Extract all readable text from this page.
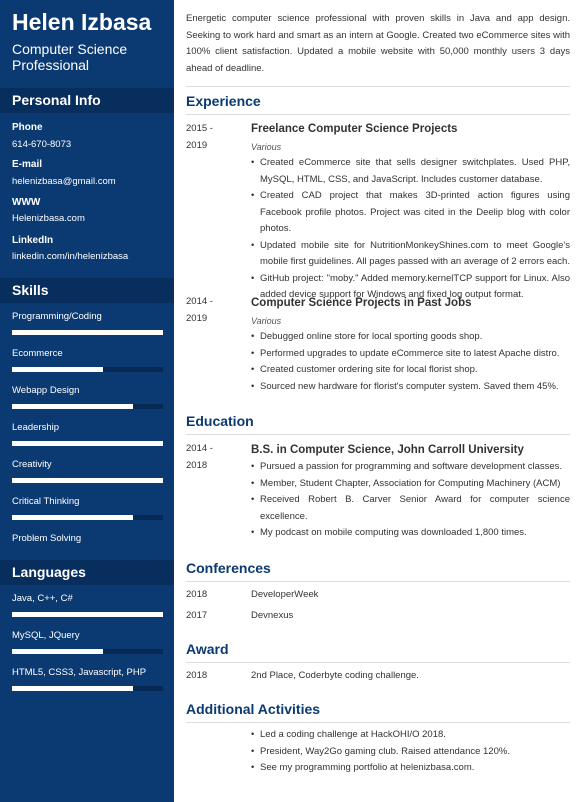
Helen Izbasa
Computer Science Professional
Personal Info
Phone
614-670-8073
E-mail
helenizbasa@gmail.com
WWW
Helenizbasa.com
LinkedIn
linkedin.com/in/helenizbasa
Skills
Programming/Coding
Ecommerce
Webapp Design
Leadership
Creativity
Critical Thinking
Problem Solving
Languages
Java, C++, C#
MySQL, JQuery
HTML5, CSS3, Javascript, PHP

Energetic computer science professional with proven skills in Java and app design. Seeking to work hard and smart as an intern at Google. Created two eCommerce sites with 100% client satisfaction. Updated a mobile website with 50,000 monthly users 3 days ahead of deadline.

Experience
2015 -
2019
Freelance Computer Science Projects
Various
• Created eCommerce site that sells designer switchplates. Used PHP, MySQL, HTML, CSS, and JavaScript. Includes customer database.
• Created CAD project that makes 3D-printed action figures using Facebook profile photos. Project was cited in the Deelip blog with color photos.
• Updated mobile site for NutritionMonkeyShines.com to meet Google's mobile first guidelines. All pages passed with an average of 2 errors each.
• GitHub project: "moby." Added memory.kernelTCP support for Linux. Also added device support for Windows and fixed log output format.
2014 -
2019
Computer Science Projects in Past Jobs
Various
• Debugged online store for local sporting goods shop.
• Performed upgrades to update eCommerce site to latest Apache distro.
• Created customer ordering site for local florist shop.
• Sourced new hardware for florist's computer system. Saved them 45%.
Education
2014 -
2018
B.S. in Computer Science, John Carroll University
• Pursued a passion for programming and software development classes.
• Member, Student Chapter, Association for Computing Machinery (ACM)
• Received Robert B. Carver Senior Award for computer science excellence.
• My podcast on mobile computing was downloaded 1,800 times.
Conferences
2018	DeveloperWeek
2017	Devnexus
Award
2018	2nd Place, Coderbyte coding challenge.
Additional Activities
• Led a coding challenge at HackOHI/O 2018.
• President, Way2Go gaming club. Raised attendance 120%.
• See my programming portfolio at helenizbasa.com.
